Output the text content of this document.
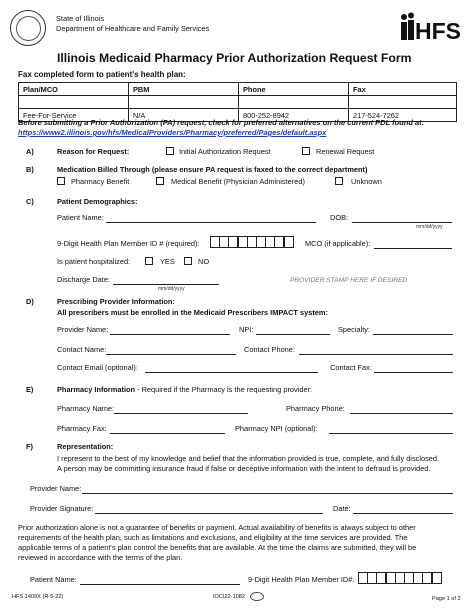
State of Illinois
Department of Healthcare and Family Services	HFS
Illinois Medicaid Pharmacy Prior Authorization Request Form
Fax completed form to patient's health plan:
Plan/MCO	PBM	Phone	Fax

Fee-For-Service	N/A	800-252-8942	217-524-7262
Before submitting a Prior Authorization (PA) request, check for preferred alternatives on the current PDL found at:
https://www2.illinois.gov/hfs/MedicalProviders/Pharmacy/preferred/Pages/default.aspx
A)	Reason for Request:	Initial Authorization Request	Renewal Request
B)	Medication Billed Through (please ensure PA request is faxed to the correct department)
Pharmacy Benefit	Medical Benefit (Physician Administered)	Unknown
C)	Patient Demographics:
Patient Name:	DOB:
mm/dd/yyyy
9-Digit Health Plan Member ID # (required):	MCO (if applicable):
Is patient hospitalized:	YES	NO
Discharge Date:
mm/dd/yyyy
PROVIDER STAMP HERE IF DESIRED
D)	Prescribing Provider Information:
All prescribers must be enrolled in the Medicaid Prescribers IMPACT system:
Provider Name:	NPI:	Specialty:
Contact Name:	Contact Phone:
Contact Email (optional):	Contact Fax:
E)	Pharmacy Information - Required if the Pharmacy is the requesting provider:
Pharmacy Name:	Pharmacy Phone:
Pharmacy Fax:	Pharmacy NPI (optional):
F)	Representation:
I represent to the best of my knowledge and belief that the information provided is true, complete, and fully disclosed.
A person may be committing insurance fraud if false or deceptive information with the intent to defraud is provided.
Provider Name:
Provider Signature:	Date:
Prior authorization alone is not a guarantee of benefits or payment. Actual availability of benefits is always subject to other
requirements of the health plan, such as limitations and exclusions, and eligibility at the time services are provided. The
applicable terms of a patient's plan control the benefits that are available. At the time the claims are submitted, they will be
reviewed in accordance with the terms of the plan.
Patient Name:	9-Digit Health Plan Member ID#:
HFS 1409X (R-5-22)	IOCI22-1082	Page 1 of 2
